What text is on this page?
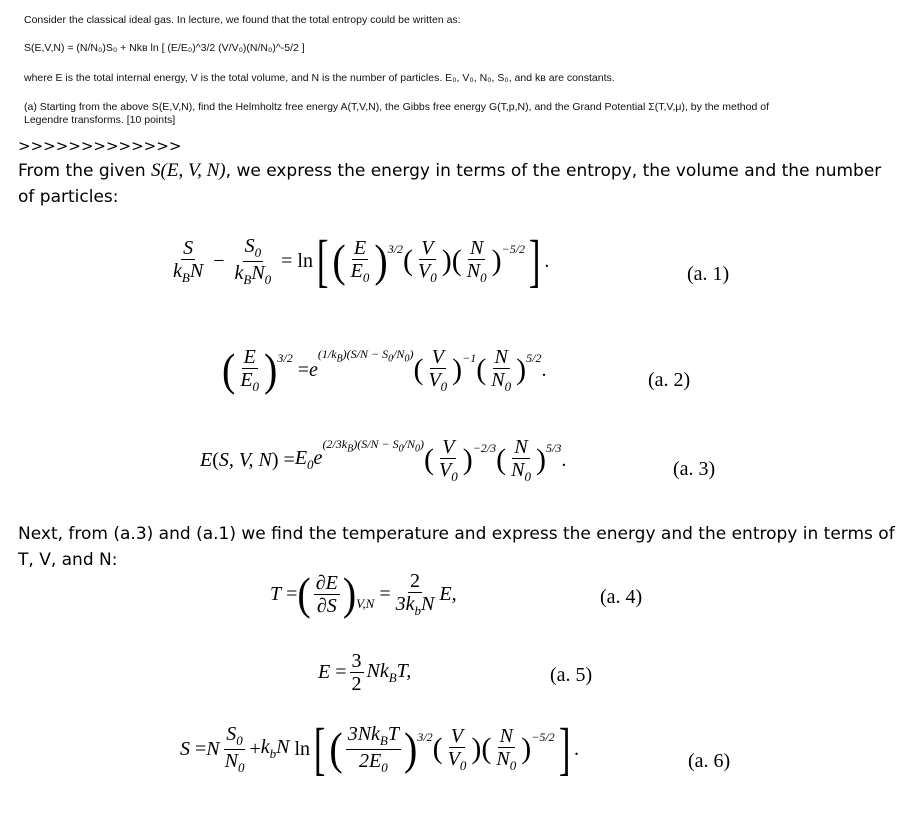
Consider the classical ideal gas. In lecture, we found that the total entropy could be written as:
S(E,V,N) = (N/N₀)S₀ + Nkʙ ln [ (E/E₀)^3/2 (V/V₀)(N/N₀)^-5/2 ]
where E is the total internal energy, V is the total volume, and N is the number of particles. E₀, V₀, N₀, S₀, and kʙ are constants.
(a) Starting from the above S(E,V,N), find the Helmholtz free energy A(T,V,N), the Gibbs free energy G(T,p,N), and the Grand Potential Σ(T,V,μ), by the method of
Legendre transforms. [10 points]
>>>>>>>>>>>>>
From the given S(E, V, N), we express the energy in terms of the entropy, the volume and the number
of particles:
$\frac{S}{k_BN} - \frac{S_0}{k_BN_0} = \ln$ [ ( $\frac{E}{E_0} )^{3/2}$ ( $\frac{V}{V_0}$ ) ( $\frac{N}{N_0} )^{-5/2}$ ] .
(a. 1)
( $\frac{E}{E_0} )^{3/2}$
= e
$^{(1/k_B)(S/N - S_0/N_0)}$ ( $\frac{V}{V_0} )^{-1}$ ( $\frac{N}{N_0} )^{5/2}$
.	(a. 2)
E ( S, V, N ) = $E_0e$
$^{(2/3k_B)(S/N - S_0/N_0)}$ ( $\frac{V}{V_0} )^{-2/3}$ ( $\frac{N}{N_0} )^{5/3}$
.	(a. 3)
Next, from (a.3) and (a.1) we find the temperature and express the energy and the entropy in terms of
T, V, and N:
T = ( $\frac{\partial E}{\partial S} )_{V,N} = \frac{2}{3k_bN} E$,	(a. 4)
$E = \frac{3}{2} Nk_BT$,	(a. 5)
S = N $\frac{S_0}{N_0} + k_bN$ ln [ ( $\frac{3Nk_BT}{2E_0} )^{3/2}$ ( $\frac{V}{V_0}$ ) ( $\frac{N}{N_0} )^{-5/2}$ ] .
(a. 6)
